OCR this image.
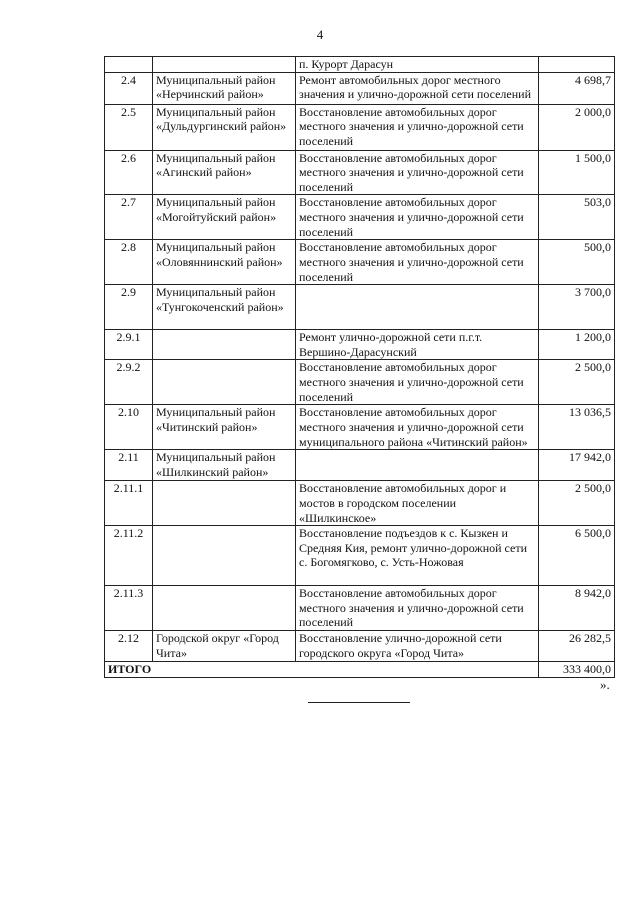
4
		п. Курорт Дарасун	
2.4	Муниципальный район «Нерчинский район»	Ремонт автомобильных дорог местного значения и улично-дорожной сети поселений	4 698,7
2.5	Муниципальный район «Дульдургинский район»	Восстановление автомобильных дорог местного значения и улично-дорожной сети поселений	2 000,0
2.6	Муниципальный район «Агинский район»	Восстановление автомобильных дорог местного значения и улично-дорожной сети поселений	1 500,0
2.7	Муниципальный район «Могойтуйский район»	Восстановление автомобильных дорог местного значения и улично-дорожной сети поселений	503,0
2.8	Муниципальный район «Оловяннинский район»	Восстановление автомобильных дорог местного значения и улично-дорожной сети поселений	500,0
2.9	Муниципальный район «Тунгокоченский район»		3 700,0
2.9.1		Ремонт улично-дорожной сети п.г.т. Вершино-Дарасунский	1 200,0
2.9.2		Восстановление автомобильных дорог местного значения и улично-дорожной сети поселений	2 500,0
2.10	Муниципальный район «Читинский район»	Восстановление автомобильных дорог местного значения и улично-дорожной сети муниципального района «Читинский район»	13 036,5
2.11	Муниципальный район «Шилкинский район»		17 942,0
2.11.1		Восстановление автомобильных дорог и мостов в городском поселении «Шилкинское»	2 500,0
2.11.2		Восстановление подъездов к с. Кызкен и Средняя Кия, ремонт улично-дорожной сети с. Богомягково, с. Усть-Ножовая	6 500,0
2.11.3		Восстановление автомобильных дорог местного значения и улично-дорожной сети поселений	8 942,0
2.12	Городской округ «Город Чита»	Восстановление улично-дорожной сети городского округа «Город Чита»	26 282,5
ИТОГО			333 400,0
».
